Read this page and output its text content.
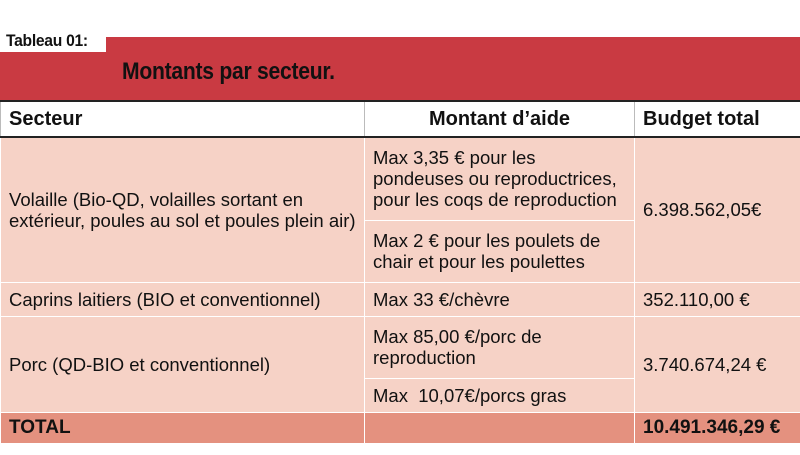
Tableau 01:
Montants par secteur.
Secteur	Montant d’aide	Budget total
Volaille (Bio-QD, volailles sortant en extérieur, poules au sol et poules plein air)	Max 3,35 € pour les pondeuses ou reproductrices, pour les coqs de reproduction	6.398.562,05€
	Max 2 € pour les poulets de chair et pour les poulettes	
Caprins laitiers (BIO et conventionnel)	Max 33 €/chèvre	352.110,00 €
Porc (QD-BIO et conventionnel)	Max 85,00 €/porc de reproduction	3.740.674,24 €
	Max  10,07€/porcs gras	
TOTAL		10.491.346,29 €
